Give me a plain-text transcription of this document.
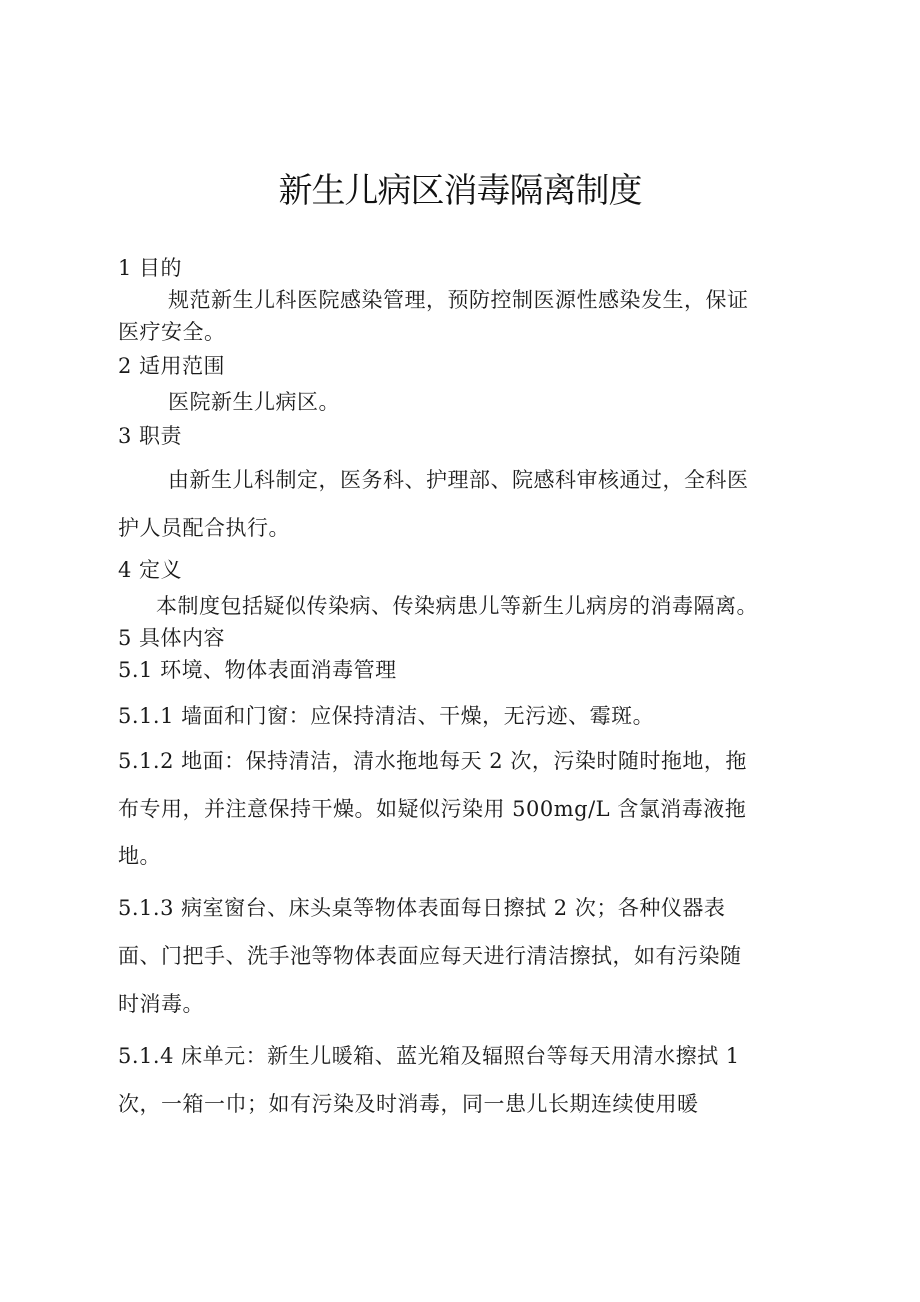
新生儿病区消毒隔离制度
1 目的
规范新生儿科医院感染管理，预防控制医源性感染发生，保证
医疗安全。
2 适用范围
医院新生儿病区。
3 职责
由新生儿科制定，医务科、护理部、院感科审核通过，全科医
护人员配合执行。
4 定义
本制度包括疑似传染病、传染病患儿等新生儿病房的消毒隔离。
5 具体内容
5.1 环境、物体表面消毒管理
5.1.1 墙面和门窗：应保持清洁、干燥，无污迹、霉斑。
5.1.2 地面：保持清洁，清水拖地每天 2 次，污染时随时拖地，拖
布专用，并注意保持干燥。如疑似污染用 500mg/L 含氯消毒液拖
地。
5.1.3 病室窗台、床头桌等物体表面每日擦拭 2 次；各种仪器表
面、门把手、洗手池等物体表面应每天进行清洁擦拭，如有污染随
时消毒。
5.1.4 床单元：新生儿暖箱、蓝光箱及辐照台等每天用清水擦拭 1
次，一箱一巾；如有污染及时消毒，同一患儿长期连续使用暖
